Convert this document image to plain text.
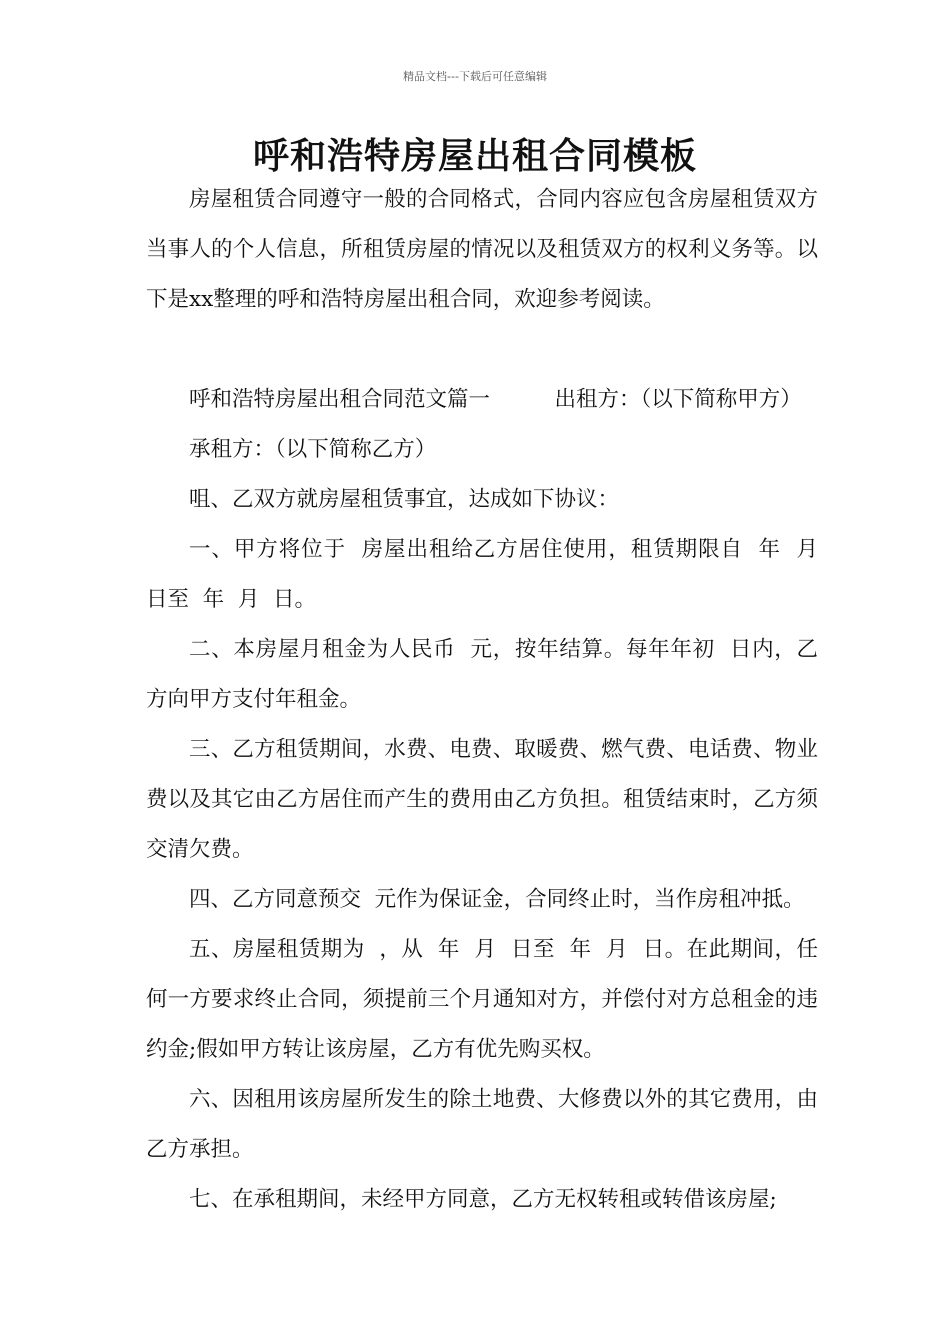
精品文档---下载后可任意编辑
呼和浩特房屋出租合同模板

房屋租赁合同遵守一般的合同格式，合同内容应包含房屋租赁双方当事人的个人信息，所租赁房屋的情况以及租赁双方的权利义务等。以下是xx整理的呼和浩特房屋出租合同，欢迎参考阅读。

呼和浩特房屋出租合同范文篇一　　　出租方：（以下简称甲方）

承租方：（以下简称乙方）

咀、乙双方就房屋租赁事宜，达成如下协议：

一、甲方将位于  房屋出租给乙方居住使用，租赁期限自  年  月  日至  年  月  日。

二、本房屋月租金为人民币  元，按年结算。每年年初  日内，乙方向甲方支付年租金。

三、乙方租赁期间，水费、电费、取暖费、燃气费、电话费、物业费以及其它由乙方居住而产生的费用由乙方负担。租赁结束时，乙方须交清欠费。

四、乙方同意预交  元作为保证金，合同终止时，当作房租冲抵。

五、房屋租赁期为  ，从  年  月  日至  年  月  日。在此期间，任何一方要求终止合同，须提前三个月通知对方，并偿付对方总租金的违约金;假如甲方转让该房屋，乙方有优先购买权。

六、因租用该房屋所发生的除土地费、大修费以外的其它费用，由乙方承担。

七、在承租期间，未经甲方同意，乙方无权转租或转借该房屋;
